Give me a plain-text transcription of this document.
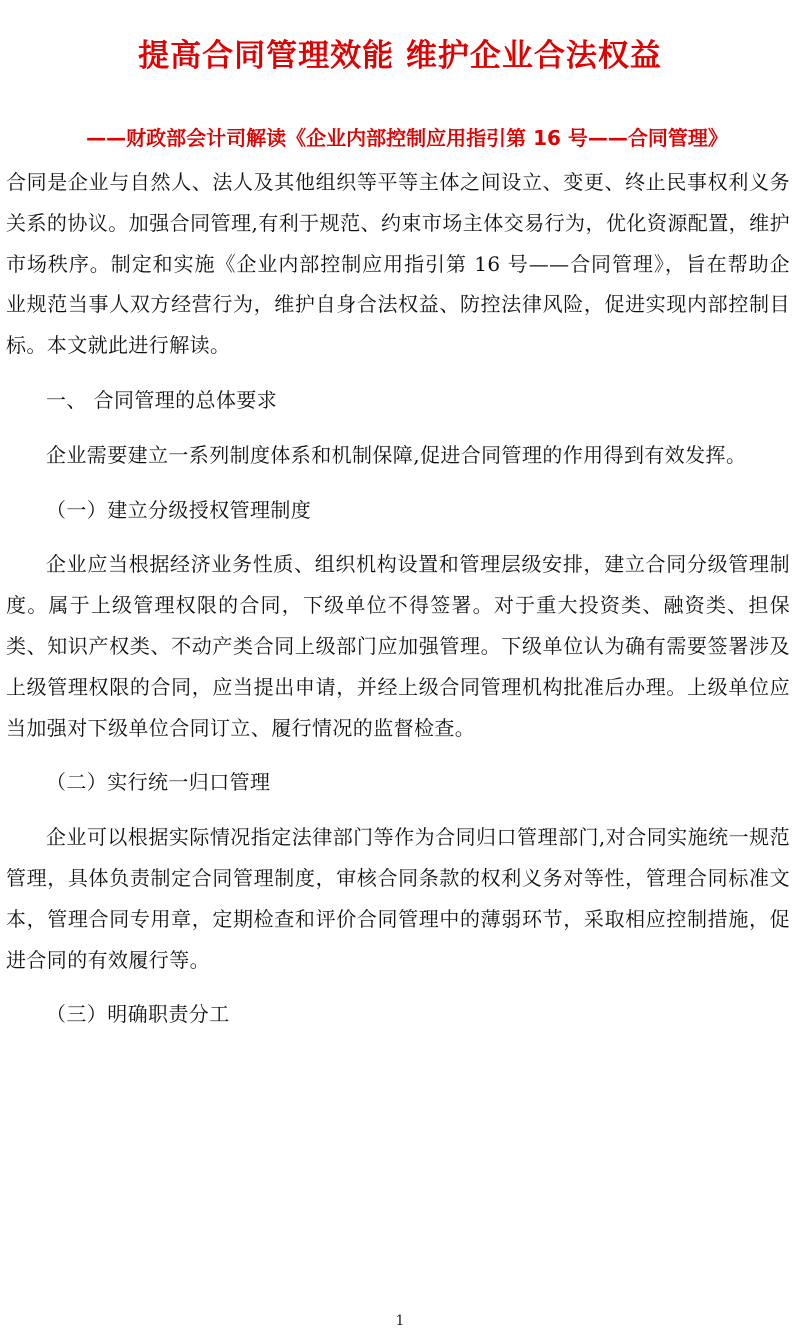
提高合同管理效能 维护企业合法权益
——财政部会计司解读《企业内部控制应用指引第 16 号——合同管理》

合同是企业与自然人、法人及其他组织等平等主体之间设立、变更、终止民事权利义务关系的协议。加强合同管理,有利于规范、约束市场主体交易行为，优化资源配置，维护市场秩序。制定和实施《企业内部控制应用指引第 16 号——合同管理》，旨在帮助企业规范当事人双方经营行为，维护自身合法权益、防控法律风险，促进实现内部控制目标。本文就此进行解读。

一、 合同管理的总体要求

企业需要建立一系列制度体系和机制保障,促进合同管理的作用得到有效发挥。

（一）建立分级授权管理制度

企业应当根据经济业务性质、组织机构设置和管理层级安排，建立合同分级管理制度。属于上级管理权限的合同，下级单位不得签署。对于重大投资类、融资类、担保类、知识产权类、不动产类合同上级部门应加强管理。下级单位认为确有需要签署涉及上级管理权限的合同，应当提出申请，并经上级合同管理机构批准后办理。上级单位应当加强对下级单位合同订立、履行情况的监督检查。

（二）实行统一归口管理

企业可以根据实际情况指定法律部门等作为合同归口管理部门,对合同实施统一规范管理，具体负责制定合同管理制度，审核合同条款的权利义务对等性，管理合同标准文本，管理合同专用章，定期检查和评价合同管理中的薄弱环节，采取相应控制措施，促进合同的有效履行等。

（三）明确职责分工

1
